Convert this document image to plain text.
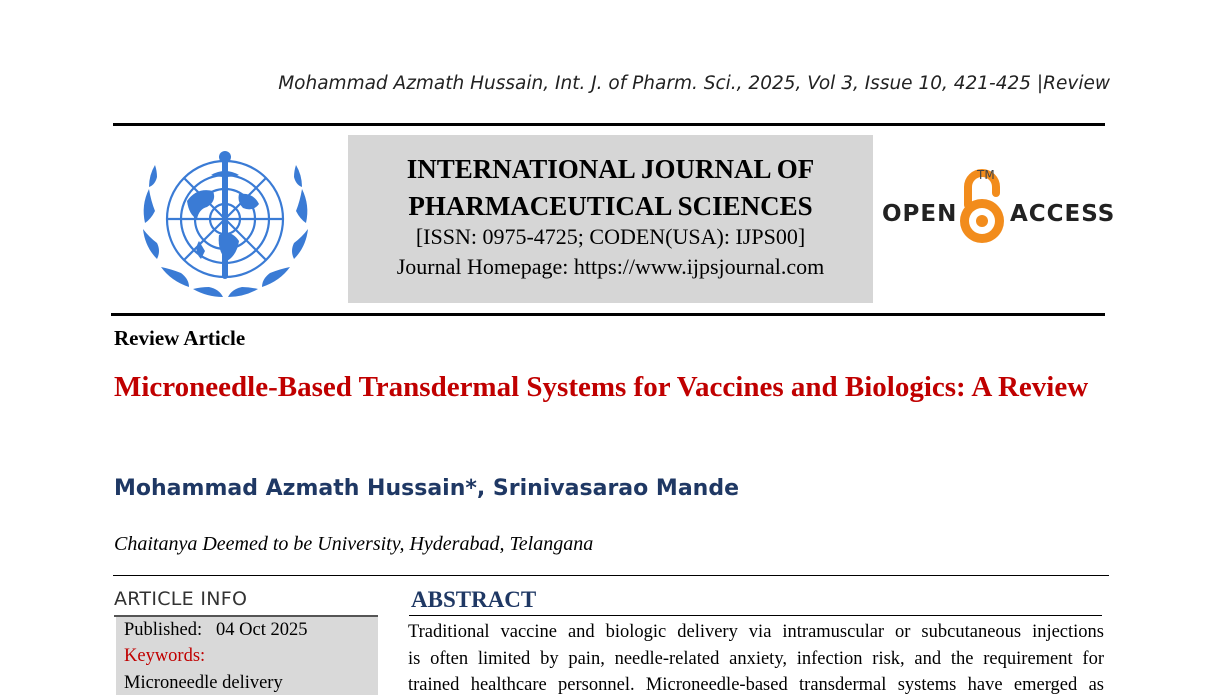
Mohammad Azmath Hussain, Int. J. of Pharm. Sci., 2025, Vol 3, Issue 10, 421-425 |Review
INTERNATIONAL JOURNAL OF
PHARMACEUTICAL SCIENCES
[ISSN: 0975-4725; CODEN(USA): IJPS00]
Journal Homepage: https://www.ijpsjournal.com
OPEN
TM
ACCESS
Review Article
Microneedle-Based Transdermal Systems for Vaccines and Biologics: A Review
Mohammad Azmath Hussain*, Srinivasarao Mande
Chaitanya Deemed to be University, Hyderabad, Telangana
ARTICLE INFO
Published: 04 Oct 2025
Keywords:
Microneedle delivery
ABSTRACT
Traditional vaccine and biologic delivery via intramuscular or subcutaneous injections
is often limited by pain, needle-related anxiety, infection risk, and the requirement for
trained healthcare personnel. Microneedle-based transdermal systems have emerged as
